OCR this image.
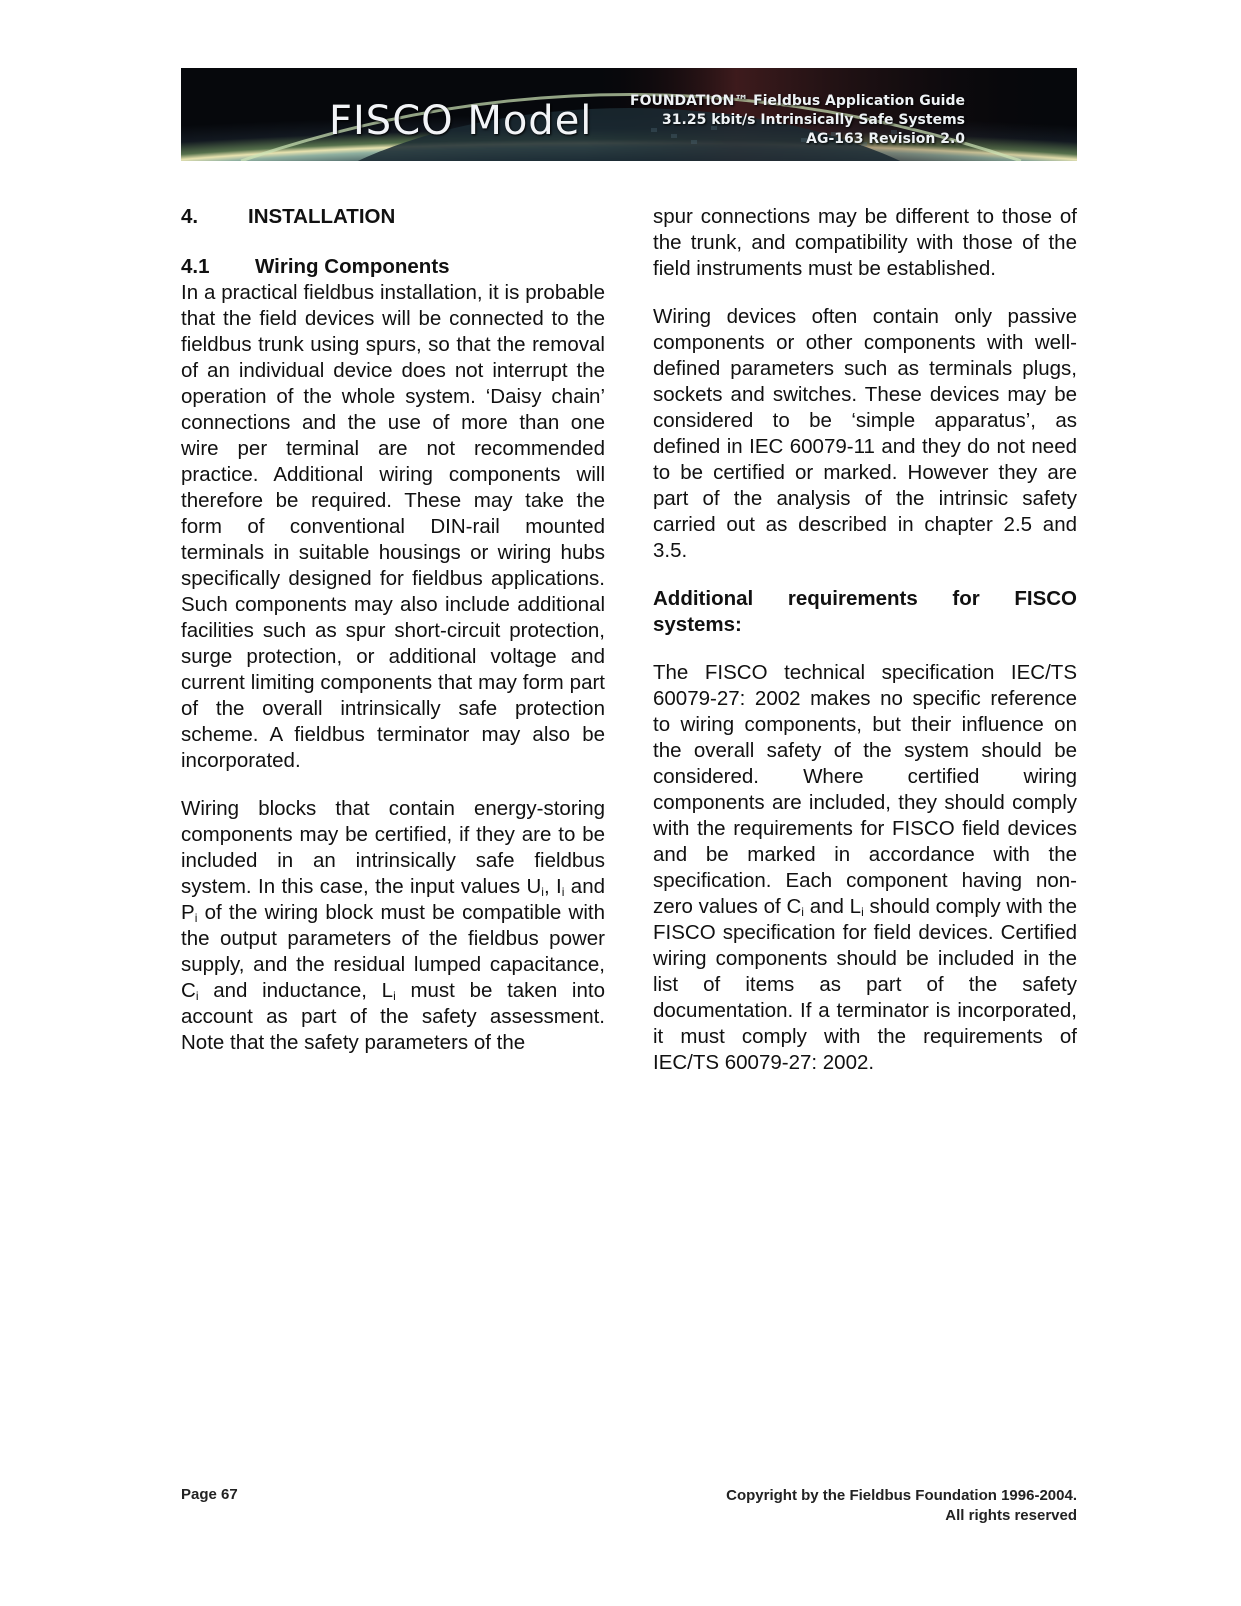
FISCO Model	FOUNDATION™ Fieldbus Application Guide
31.25 kbit/s Intrinsically Safe Systems
AG-163 Revision 2.0
4.	INSTALLATION
4.1	Wiring Components

In a practical fieldbus installation, it is probable that the field devices will be connected to the fieldbus trunk using spurs, so that the removal of an individual device does not interrupt the operation of the whole system. ‘Daisy chain’ connections and the use of more than one wire per terminal are not recommended practice. Additional wiring components will therefore be required. These may take the form of conventional DIN-rail mounted terminals in suitable housings or wiring hubs specifically designed for fieldbus applications. Such components may also include additional facilities such as spur short-circuit protection, surge protection, or additional voltage and current limiting components that may form part of the overall intrinsically safe protection scheme. A fieldbus terminator may also be incorporated.

Wiring blocks that contain energy-storing components may be certified, if they are to be included in an intrinsically safe fieldbus system. In this case, the input values $U_i$, $I_i$ and $P_i$ of the wiring block must be compatible with the output parameters of the fieldbus power supply, and the residual lumped capacitance, $C_i$ and inductance, $L_i$ must be taken into account as part of the safety assessment. Note that the safety parameters of the

spur connections may be different to those of the trunk, and compatibility with those of the field instruments must be established.

Wiring devices often contain only passive components or other components with well-defined parameters such as terminals plugs, sockets and switches. These devices may be considered to be ‘simple apparatus’, as defined in IEC 60079-11 and they do not need to be certified or marked. However they are part of the analysis of the intrinsic safety carried out as described in chapter 2.5 and 3.5.

Additional requirements for FISCO systems:

The FISCO technical specification IEC/TS 60079-27: 2002 makes no specific reference to wiring components, but their influence on the overall safety of the system should be considered. Where certified wiring components are included, they should comply with the requirements for FISCO field devices and be marked in accordance with the specification. Each component having non-zero values of $C_i$ and $L_i$ should comply with the FISCO specification for field devices. Certified wiring components should be included in the list of items as part of the safety documentation. If a terminator is incorporated, it must comply with the requirements of IEC/TS 60079-27: 2002.

Page 67	Copyright by the Fieldbus Foundation 1996-2004.
All rights reserved
